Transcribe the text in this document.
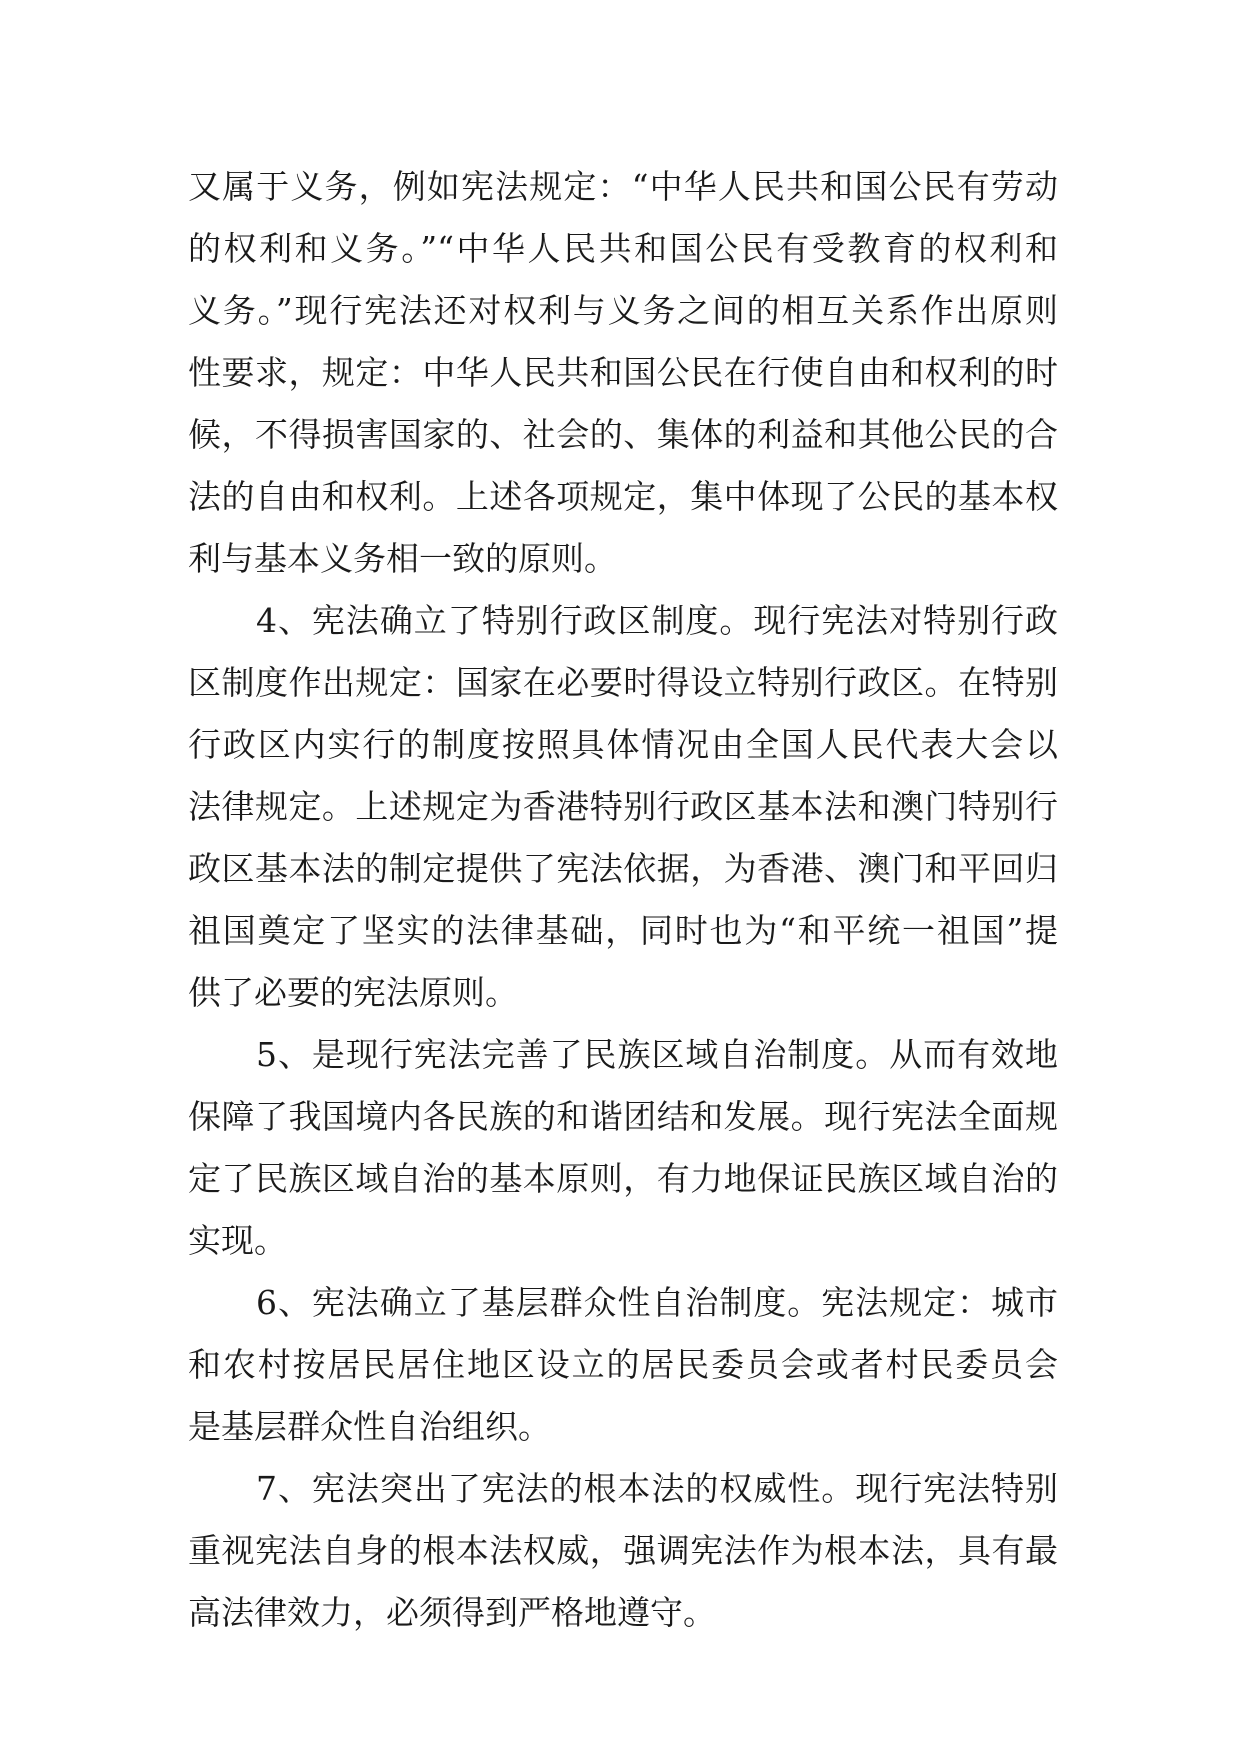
又属于义务，例如宪法规定：“中华人民共和国公民有劳动
的权利和义务。”“中华人民共和国公民有受教育的权利和
义务。”现行宪法还对权利与义务之间的相互关系作出原则
性要求，规定：中华人民共和国公民在行使自由和权利的时
候，不得损害国家的、社会的、集体的利益和其他公民的合
法的自由和权利。上述各项规定，集中体现了公民的基本权
利与基本义务相一致的原则。
4、宪法确立了特别行政区制度。现行宪法对特别行政
区制度作出规定：国家在必要时得设立特别行政区。在特别
行政区内实行的制度按照具体情况由全国人民代表大会以
法律规定。上述规定为香港特别行政区基本法和澳门特别行
政区基本法的制定提供了宪法依据，为香港、澳门和平回归
祖国奠定了坚实的法律基础，同时也为“和平统一祖国”提
供了必要的宪法原则。
5、是现行宪法完善了民族区域自治制度。从而有效地
保障了我国境内各民族的和谐团结和发展。现行宪法全面规
定了民族区域自治的基本原则，有力地保证民族区域自治的
实现。
6、宪法确立了基层群众性自治制度。宪法规定：城市
和农村按居民居住地区设立的居民委员会或者村民委员会
是基层群众性自治组织。
7、宪法突出了宪法的根本法的权威性。现行宪法特别
重视宪法自身的根本法权威，强调宪法作为根本法，具有最
高法律效力，必须得到严格地遵守。
